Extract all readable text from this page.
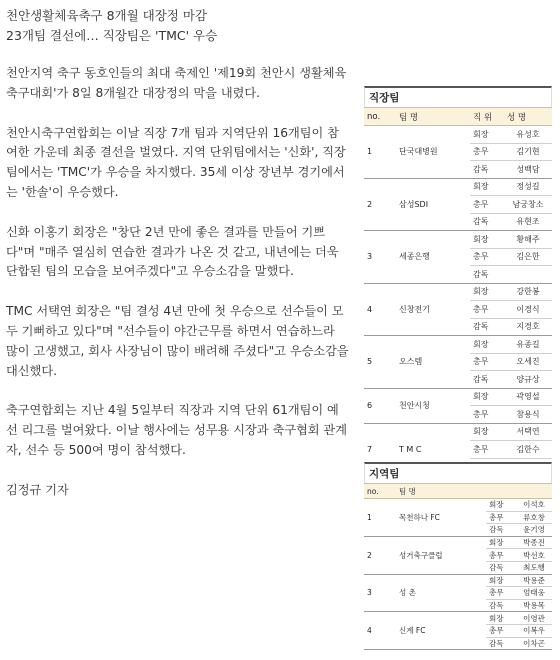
천안생활체육축구 8개월 대장정 마감
23개팀 결선에… 직장팀은 'TMC' 우승

천안지역 축구 동호인들의 최대 축제인 '제19회 천안시 생활체육 축구대회'가 8일 8개월간 대장정의 막을 내렸다.

천안시축구연합회는 이날 직장 7개 팀과 지역단위 16개팀이 참여한 가운데 최종 결선을 벌였다. 지역 단위팀에서는 '신화', 직장팀에서는 'TMC'가 우승을 차지했다. 35세 이상 장년부 경기에서는 '한솔'이 우승했다.

신화 이홍기 회장은 "창단 2년 만에 좋은 결과를 만들어 기쁘다"며 "매주 열심히 연습한 결과가 나온 것 같고, 내년에는 더욱 단합된 팀의 모습을 보여주겠다"고 우승소감을 말했다.

TMC 서택연 회장은 "팀 결성 4년 만에 첫 우승으로 선수들이 모두 기뻐하고 있다"며 "선수들이 야간근무를 하면서 연습하느라 많이 고생했고, 회사 사장님이 많이 배려해 주셨다"고 우승소감을 대신했다.

축구연합회는 지난 4월 5일부터 직장과 지역 단위 61개팀이 예선 리그를 벌여왔다. 이날 행사에는 성무용 시장과 축구협회 관계자, 선수 등 500여 명이 참석했다.

김정규 기자

직장팀
no.	팀 명	직 위	성 명
1	단국대병원	회장	유성호
		총무	김기현
		감독	성백담
2	삼성SDI	회장	정성길
		총무	남궁창소
		감독	유현조
3	세종은행	회장	황해주
		총무	김은한
		감독	
4	신창전기	회장	강한봉
		총무	이경식
		감독	지경호
5	오스템	회장	유종길
		총무	오세진
		감독	양규상
6	천안시청	회장	곽영설
		총무	참용식
7	T M C	회장	서택연
		총무	김한수

지역팀
no.	팀 명		
1	목천하나 FC	회장	이석호
		총무	류호창
		감독	윤기영
2	성거축구클럽	회장	박종진
		총무	박선호
		감독	최도행
3	성 촌	회장	박용준
		총무	엄태웅
		감독	박용목
4	신계 FC	회장	이영관
		총무	이복우
		감독	이차곤
